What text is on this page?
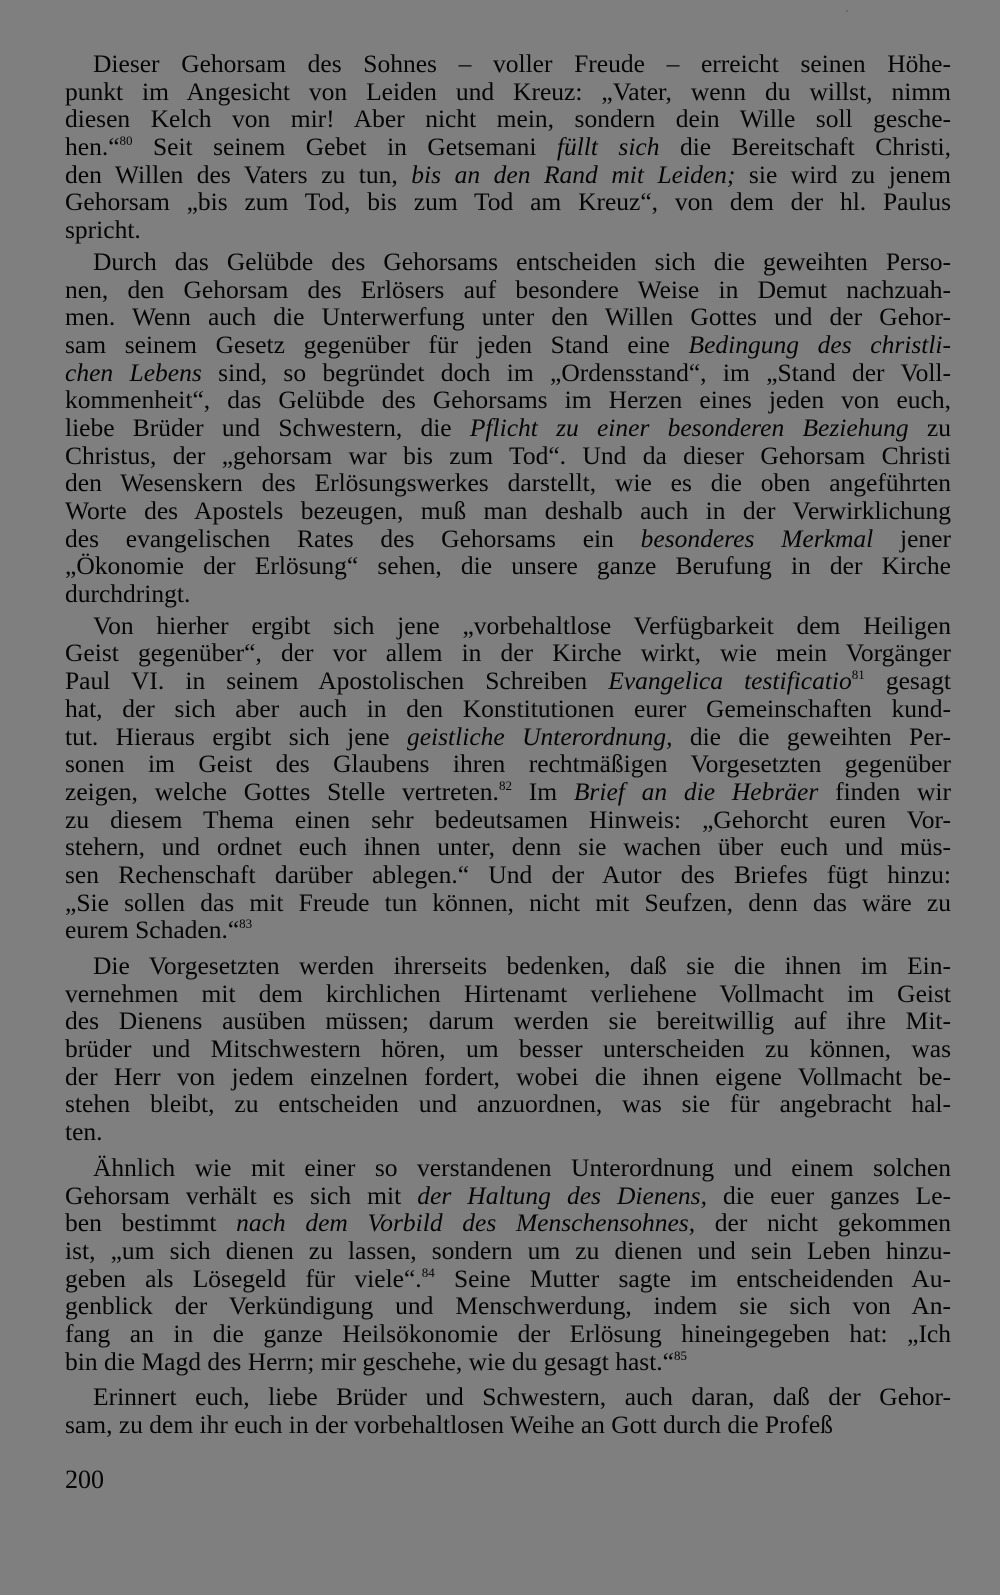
Dieser Gehorsam des Sohnes – voller Freude – erreicht seinen Höhe-
punkt im Angesicht von Leiden und Kreuz: „Vater, wenn du willst, nimm
diesen Kelch von mir! Aber nicht mein, sondern dein Wille soll gesche-
hen.“$^{80}$ Seit seinem Gebet in Getsemani füllt sich die Bereitschaft Christi,
den Willen des Vaters zu tun, bis an den Rand mit Leiden; sie wird zu jenem
Gehorsam „bis zum Tod, bis zum Tod am Kreuz“, von dem der hl. Paulus
spricht.
Durch das Gelübde des Gehorsams entscheiden sich die geweihten Perso-
nen, den Gehorsam des Erlösers auf besondere Weise in Demut nachzuah-
men. Wenn auch die Unterwerfung unter den Willen Gottes und der Gehor-
sam seinem Gesetz gegenüber für jeden Stand eine Bedingung des christli-
chen Lebens sind, so begründet doch im „Ordensstand“, im „Stand der Voll-
kommenheit“, das Gelübde des Gehorsams im Herzen eines jeden von euch,
liebe Brüder und Schwestern, die Pflicht zu einer besonderen Beziehung zu
Christus, der „gehorsam war bis zum Tod“. Und da dieser Gehorsam Christi
den Wesenskern des Erlösungswerkes darstellt, wie es die oben angeführten
Worte des Apostels bezeugen, muß man deshalb auch in der Verwirklichung
des evangelischen Rates des Gehorsams ein besonderes Merkmal jener
„Ökonomie der Erlösung“ sehen, die unsere ganze Berufung in der Kirche
durchdringt.
Von hierher ergibt sich jene „vorbehaltlose Verfügbarkeit dem Heiligen
Geist gegenüber“, der vor allem in der Kirche wirkt, wie mein Vorgänger
Paul VI. in seinem Apostolischen Schreiben Evangelica testificatio$^{81}$ gesagt
hat, der sich aber auch in den Konstitutionen eurer Gemeinschaften kund-
tut. Hieraus ergibt sich jene geistliche Unterordnung, die die geweihten Per-
sonen im Geist des Glaubens ihren rechtmäßigen Vorgesetzten gegenüber
zeigen, welche Gottes Stelle vertreten.$^{82}$ Im Brief an die Hebräer finden wir
zu diesem Thema einen sehr bedeutsamen Hinweis: „Gehorcht euren Vor-
stehern, und ordnet euch ihnen unter, denn sie wachen über euch und müs-
sen Rechenschaft darüber ablegen.“ Und der Autor des Briefes fügt hinzu:
„Sie sollen das mit Freude tun können, nicht mit Seufzen, denn das wäre zu
eurem Schaden.“$^{83}$
Die Vorgesetzten werden ihrerseits bedenken, daß sie die ihnen im Ein-
vernehmen mit dem kirchlichen Hirtenamt verliehene Vollmacht im Geist
des Dienens ausüben müssen; darum werden sie bereitwillig auf ihre Mit-
brüder und Mitschwestern hören, um besser unterscheiden zu können, was
der Herr von jedem einzelnen fordert, wobei die ihnen eigene Vollmacht be-
stehen bleibt, zu entscheiden und anzuordnen, was sie für angebracht hal-
ten.
Ähnlich wie mit einer so verstandenen Unterordnung und einem solchen
Gehorsam verhält es sich mit der Haltung des Dienens, die euer ganzes Le-
ben bestimmt nach dem Vorbild des Menschensohnes, der nicht gekommen
ist, „um sich dienen zu lassen, sondern um zu dienen und sein Leben hinzu-
geben als Lösegeld für viele“.$^{84}$ Seine Mutter sagte im entscheidenden Au-
genblick der Verkündigung und Menschwerdung, indem sie sich von An-
fang an in die ganze Heilsökonomie der Erlösung hineingegeben hat: „Ich
bin die Magd des Herrn; mir geschehe, wie du gesagt hast.“$^{85}$
Erinnert euch, liebe Brüder und Schwestern, auch daran, daß der Gehor-
sam, zu dem ihr euch in der vorbehaltlosen Weihe an Gott durch die Profeß
200
